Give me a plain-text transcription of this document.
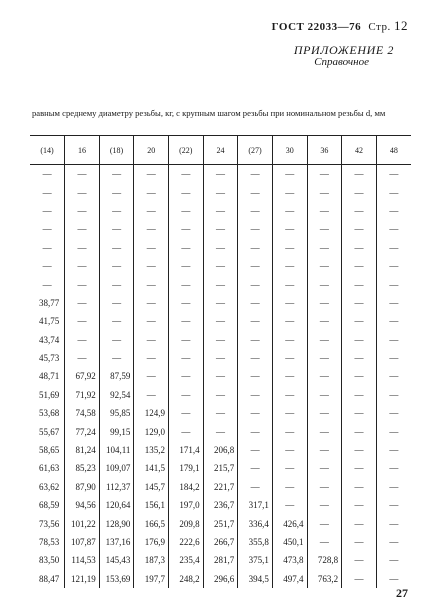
ГОСТ 22033—76 Стр. 12
ПРИЛОЖЕНИЕ 2
Справочное
равным среднему диаметру резьбы, кг, с крупным шагом резьбы при номинальном резьбы d, мм
(14)	16	(18)	20	(22)	24	(27)	30	36	42	48
—	—	—	—	—	—	—	—	—	—	—
—	—	—	—	—	—	—	—	—	—	—
—	—	—	—	—	—	—	—	—	—	—
—	—	—	—	—	—	—	—	—	—	—
—	—	—	—	—	—	—	—	—	—	—
—	—	—	—	—	—	—	—	—	—	—
—	—	—	—	—	—	—	—	—	—	—
38,77	—	—	—	—	—	—	—	—	—	—
41,75	—	—	—	—	—	—	—	—	—	—
43,74	—	—	—	—	—	—	—	—	—	—
45,73	—	—	—	—	—	—	—	—	—	—
48,71	67,92	87,59	—	—	—	—	—	—	—	—
51,69	71,92	92,54	—	—	—	—	—	—	—	—
53,68	74,58	95,85	124,9	—	—	—	—	—	—	—
55,67	77,24	99,15	129,0	—	—	—	—	—	—	—
58,65	81,24	104,11	135,2	171,4	206,8	—	—	—	—	—
61,63	85,23	109,07	141,5	179,1	215,7	—	—	—	—	—
63,62	87,90	112,37	145,7	184,2	221,7	—	—	—	—	—
68,59	94,56	120,64	156,1	197,0	236,7	317,1	—	—	—	—
73,56	101,22	128,90	166,5	209,8	251,7	336,4	426,4	—	—	—
78,53	107,87	137,16	176,9	222,6	266,7	355,8	450,1	—	—	—
83,50	114,53	145,43	187,3	235,4	281,7	375,1	473,8	728,8	—	—
88,47	121,19	153,69	197,7	248,2	296,6	394,5	497,4	763,2	—	—
27
